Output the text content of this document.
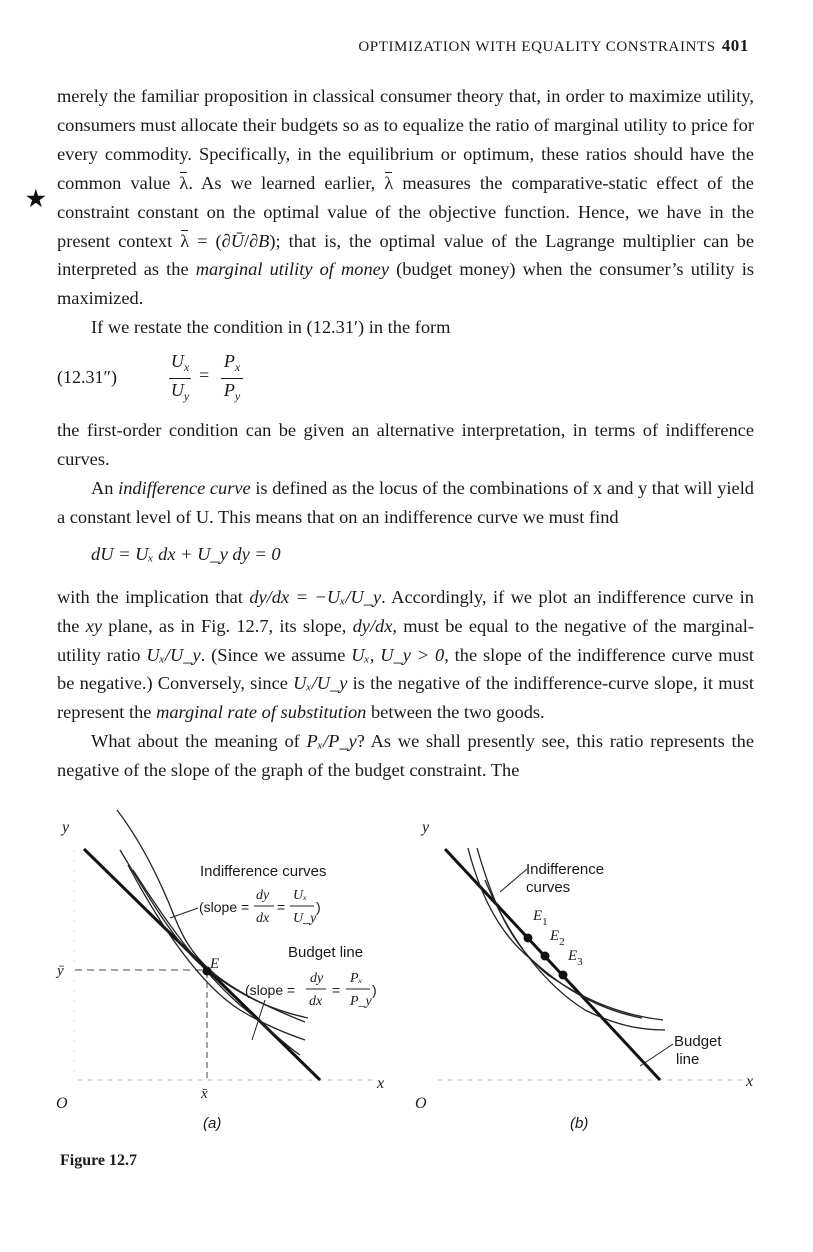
OPTIMIZATION WITH EQUALITY CONSTRAINTS 401
★

merely the familiar proposition in classical consumer theory that, in order to maximize utility, consumers must allocate their budgets so as to equalize the ratio of marginal utility to price for every commodity. Specifically, in the equilibrium or optimum, these ratios should have the common value λ. As we learned earlier, λ measures the comparative-static effect of the constraint constant on the optimal value of the objective function. Hence, we have in the present context λ = (∂Ū/∂B); that is, the optimal value of the Lagrange multiplier can be interpreted as the marginal utility of money (budget money) when the consumer’s utility is maximized.

If we restate the condition in (12.31′) in the form

(12.31″)	$\frac{U_x}{U_y} = \frac{P_x}{P_y}$

the first-order condition can be given an alternative interpretation, in terms of indifference curves.

An indifference curve is defined as the locus of the combinations of x and y that will yield a constant level of U. This means that on an indifference curve we must find

dU = Uₓ dx + U_y dy = 0

with the implication that dy/dx = −Uₓ/U_y. Accordingly, if we plot an indifference curve in the xy plane, as in Fig. 12.7, its slope, dy/dx, must be equal to the negative of the marginal-utility ratio Uₓ/U_y. (Since we assume Uₓ, U_y > 0, the slope of the indifference curve must be negative.) Conversely, since Uₓ/U_y is the negative of the indifference-curve slope, it must represent the marginal rate of substitution between the two goods.

What about the meaning of Pₓ/P_y? As we shall presently see, this ratio represents the negative of the slope of the graph of the budget constraint. The

y
O
x
ȳ
x̄
E
Indifference curves
(slope =
dy
dx
=
Uₓ
U_y
)
Budget line
(slope =
dy
dx
=
Pₓ
P_y
)
(a)
y
O
x
$E_1$
$E_2$
$E_3$
Indifference
curves
Budget
line
(b)
Figure 12.7
